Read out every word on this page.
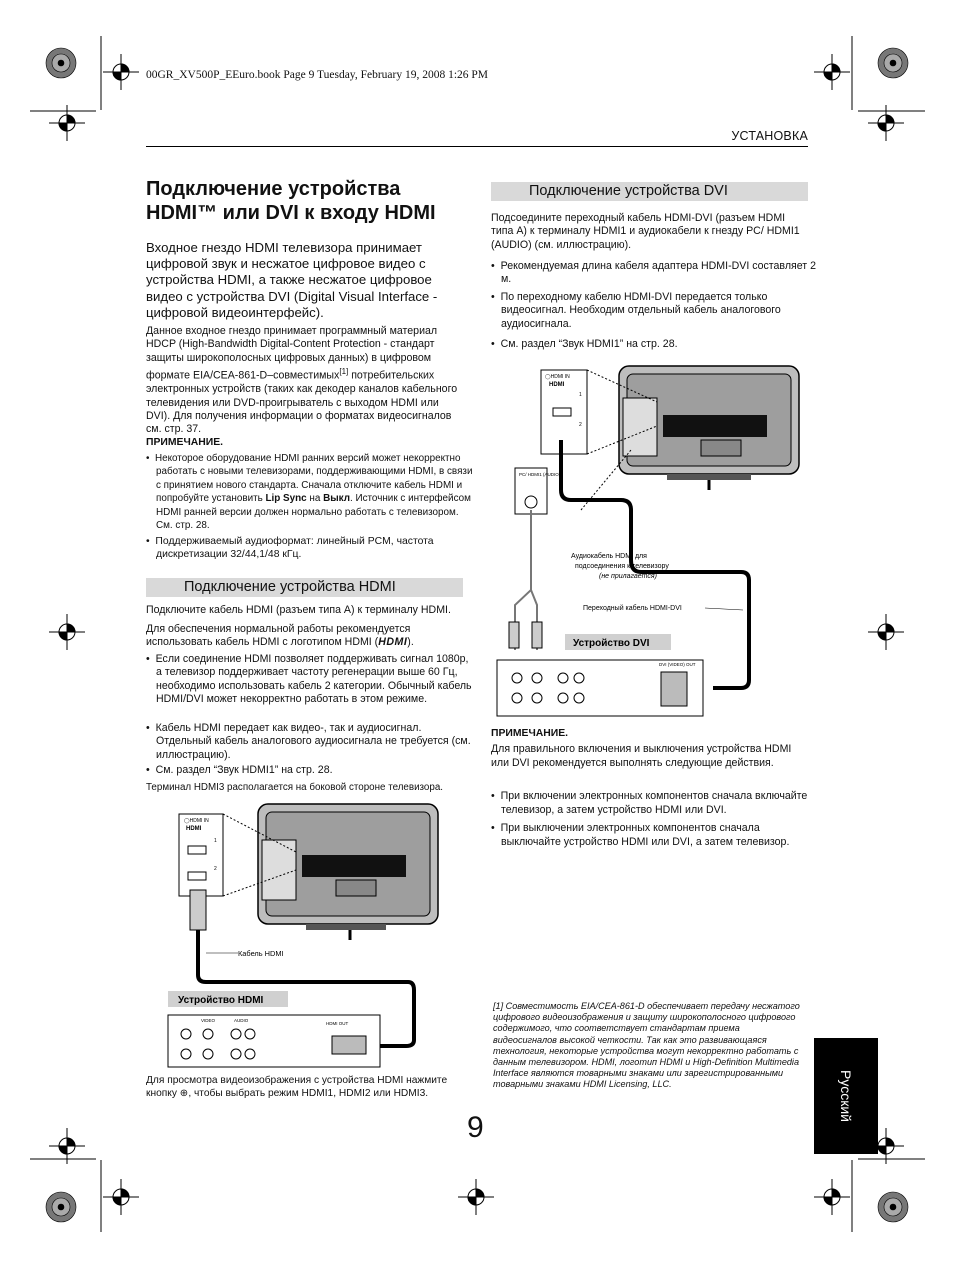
00GR_XV500P_EEuro.book Page 9 Tuesday, February 19, 2008 1:26 PM
УСТАНОВКА
Подключение устройства
HDMI™ или DVI к входу HDMI
Входное гнездо HDMI телевизора принимает цифровой звук и несжатое цифровое видео с устройства HDMI, а также несжатое цифровое видео с устройства DVI (Digital Visual Interface - цифровой видеоинтерфейс).
Данное входное гнездо принимает программный материал HDCP (High-Bandwidth Digital-Content Protection - стандарт защиты широкополосных цифровых данных) в цифровом формате EIA/CEA-861-D–совместимых[1] потребительских электронных устройств (таких как декодер каналов кабельного телевидения или DVD-проигрыватель с выходом HDMI или DVI). Для получения информации о форматах видеосигналов см. стр. 37.
ПРИМЕЧАНИЕ.
•  Некоторое оборудование HDMI ранних версий может некорректно работать с новыми телевизорами, поддерживающими HDMI, в связи с принятием нового стандарта. Сначала отключите кабель HDMI и попробуйте установить Lip Sync на Выкл. Источник с интерфейсом HDMI ранней версии должен нормально работать с телевизором. См. стр. 28.
•  Поддерживаемый аудиоформат: линейный PCM, частота дискретизации 32/44,1/48 кГц.
Подключение устройства HDMI
Подключите кабель HDMI (разъем типа A) к терминалу HDMI.
Для обеспечения нормальной работы рекомендуется использовать кабель HDMI с логотипом HDMI (HDMI).
•  Если соединение HDMI позволяет поддерживать сигнал 1080p, а телевизор поддерживает частоту регенерации выше 60 Гц, необходимо использовать кабель 2 категории. Обычный кабель HDMI/DVI может некорректно работать в этом режиме.
•  Кабель HDMI передает как видео-, так и аудиосигнал. Отдельный кабель аналогового аудиосигнала не требуется (см. иллюстрацию).
•  См. раздел “Звук HDMI1” на стр. 28.
Терминал HDMI3 располагается на боковой стороне телевизора.
◯HDMI IN
HDMI
1
2
Кабель HDMI
Устройство HDMI
VIDEO	AUDIO
HDMI OUT
Для просмотра видеоизображения с устройства HDMI нажмите кнопку ⊕, чтобы выбрать режим HDMI1, HDMI2 или HDMI3.
Подключение устройства DVI
Подсоедините переходный кабель HDMI-DVI (разъем HDMI типа A) к терминалу HDMI1 и аудиокабели к гнезду PC/ HDMI1 (AUDIO) (см. иллюстрацию).
•  Рекомендуемая длина кабеля адаптера HDMI-DVI составляет 2 м.
•  По переходному кабелю HDMI-DVI передается только видеосигнал. Необходим отдельный кабель аналогового аудиосигнала.
•  См. раздел “Звук HDMI1” на стр. 28.
◯HDMI IN
HDMI
1
2
PC/ HDMI1 (AUDIO)
Аудиокабель HDMI для
подсоединения к телевизору
(не прилагается)
Переходный кабель HDMI-DVI
Устройство DVI
DVI (VIDEO) OUT
ПРИМЕЧАНИЕ.
Для правильного включения и выключения устройства HDMI или DVI рекомендуется выполнять следующие действия.
•  При включении электронных компонентов сначала включайте телевизор, а затем устройство HDMI или DVI.
•  При выключении электронных компонентов сначала выключайте устройство HDMI или DVI, а затем телевизор.
[1] Совместимость EIA/CEA-861-D обеспечивает передачу несжатого цифрового видеоизображения и защиту широкополосного цифрового содержимого, что соответствует стандартам приема видеосигналов высокой четкости. Так как это развивающаяся технология, некоторые устройства могут некорректно работать с данным телевизором. HDMI, логотип HDMI и High-Definition Multimedia Interface являются товарными знаками или зарегистрированными товарными знаками HDMI Licensing, LLC.	Русский
9
